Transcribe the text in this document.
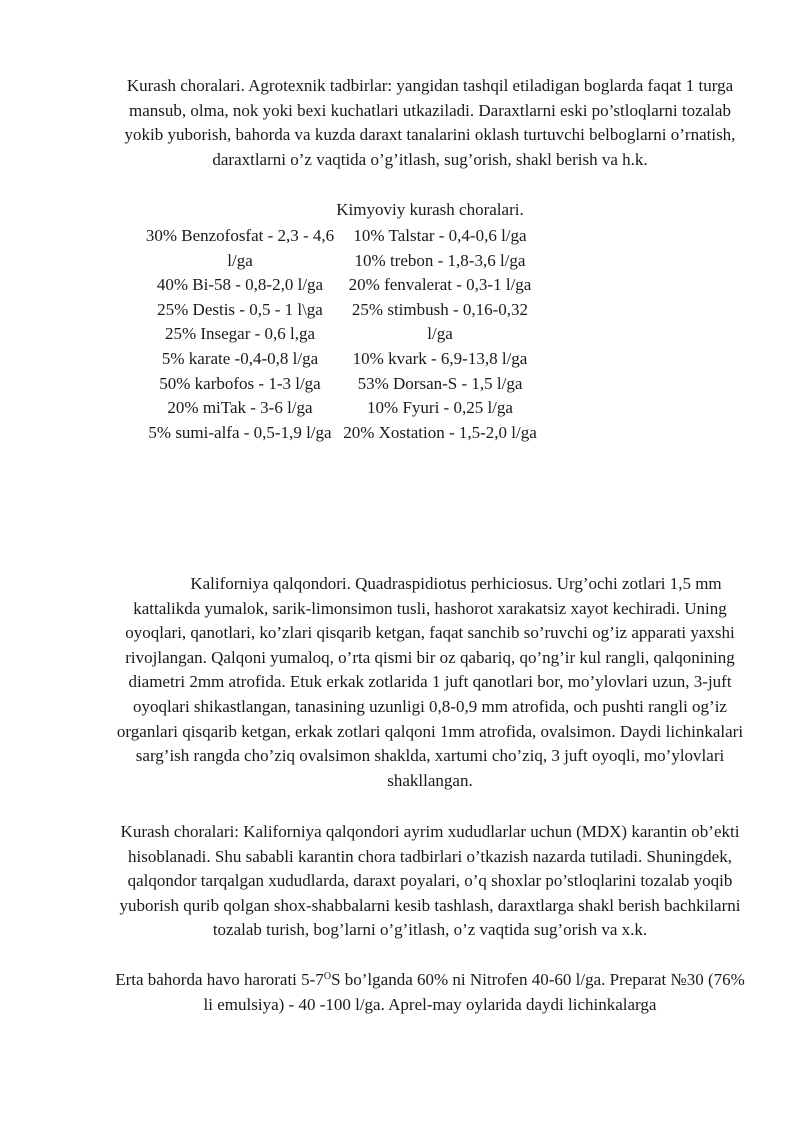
Kurash choralari. Agrotexnik tadbirlar: yangidan tashqil etiladigan boglarda faqat 1 turga mansub, olma, nok yoki bexi kuchatlari utkaziladi. Daraxtlarni eski po’stloqlarni tozalab yokib yuborish, bahorda va kuzda daraxt tanalarini oklash turtuvchi belboglarni o’rnatish, daraxtlarni o’z vaqtida o’g’itlash, sug’orish, shakl berish va h.k.

Kimyoviy kurash choralari.

30% Benzofosfat - 2,3 - 4,6 l/ga
40% Bi-58 - 0,8-2,0 l/ga
25% Destis - 0,5 - 1 l\ga
25% Insegar - 0,6 l,ga
5% karate -0,4-0,8 l/ga
50% karbofos - 1-3 l/ga
20% miTak - 3-6 l/ga
5% sumi-alfa - 0,5-1,9 l/ga
10% Talstar - 0,4-0,6 l/ga
10% trebon - 1,8-3,6 l/ga
20% fenvalerat - 0,3-1 l/ga
25% stimbush - 0,16-0,32 l/ga
10% kvark - 6,9-13,8 l/ga
53% Dorsan-S - 1,5 l/ga
10% Fyuri - 0,25 l/ga
20% Xostation - 1,5-2,0 l/ga

Kaliforniya qalqondori. Quadraspidiotus perhiciosus. Urg’ochi zotlari 1,5 mm kattalikda yumalok, sarik-limonsimon tusli, hashorot xarakatsiz xayot kechiradi. Uning oyoqlari, qanotlari, ko’zlari qisqarib ketgan, faqat sanchib so’ruvchi og’iz apparati yaxshi rivojlangan. Qalqoni yumaloq, o’rta qismi bir oz qabariq, qo’ng’ir kul rangli, qalqonining diametri 2mm atrofida. Etuk erkak zotlarida 1 juft qanotlari bor, mo’ylovlari uzun, 3-juft oyoqlari shikastlangan, tanasining uzunligi 0,8-0,9 mm atrofida, och pushti rangli og’iz organlari qisqarib ketgan, erkak zotlari qalqoni 1mm atrofida, ovalsimon. Daydi lichinkalari sarg’ish rangda cho’ziq ovalsimon shaklda, xartumi cho’ziq, 3 juft oyoqli, mo’ylovlari shakllangan.

Kurash choralari: Kaliforniya qalqondori ayrim xududlarlar uchun (MDX) karantin ob’ekti hisoblanadi. Shu sababli karantin chora tadbirlari o’tkazish nazarda tutiladi. Shuningdek, qalqondor tarqalgan xududlarda, daraxt poyalari, o’q shoxlar po’stloqlarini tozalab yoqib yuborish qurib qolgan shox-shabbalarni kesib tashlash, daraxtlarga shakl berish bachkilarni tozalab turish, bog’larni o’g’itlash, o’z vaqtida sug’orish va x.k.

Erta bahorda havo harorati $5-7^OS$ bo’lganda 60% ni Nitrofen 40-60 l/ga. Preparat №30 (76% li emulsiya) - 40 -100 l/ga. Aprel-may oylarida daydi lichinkalarga
